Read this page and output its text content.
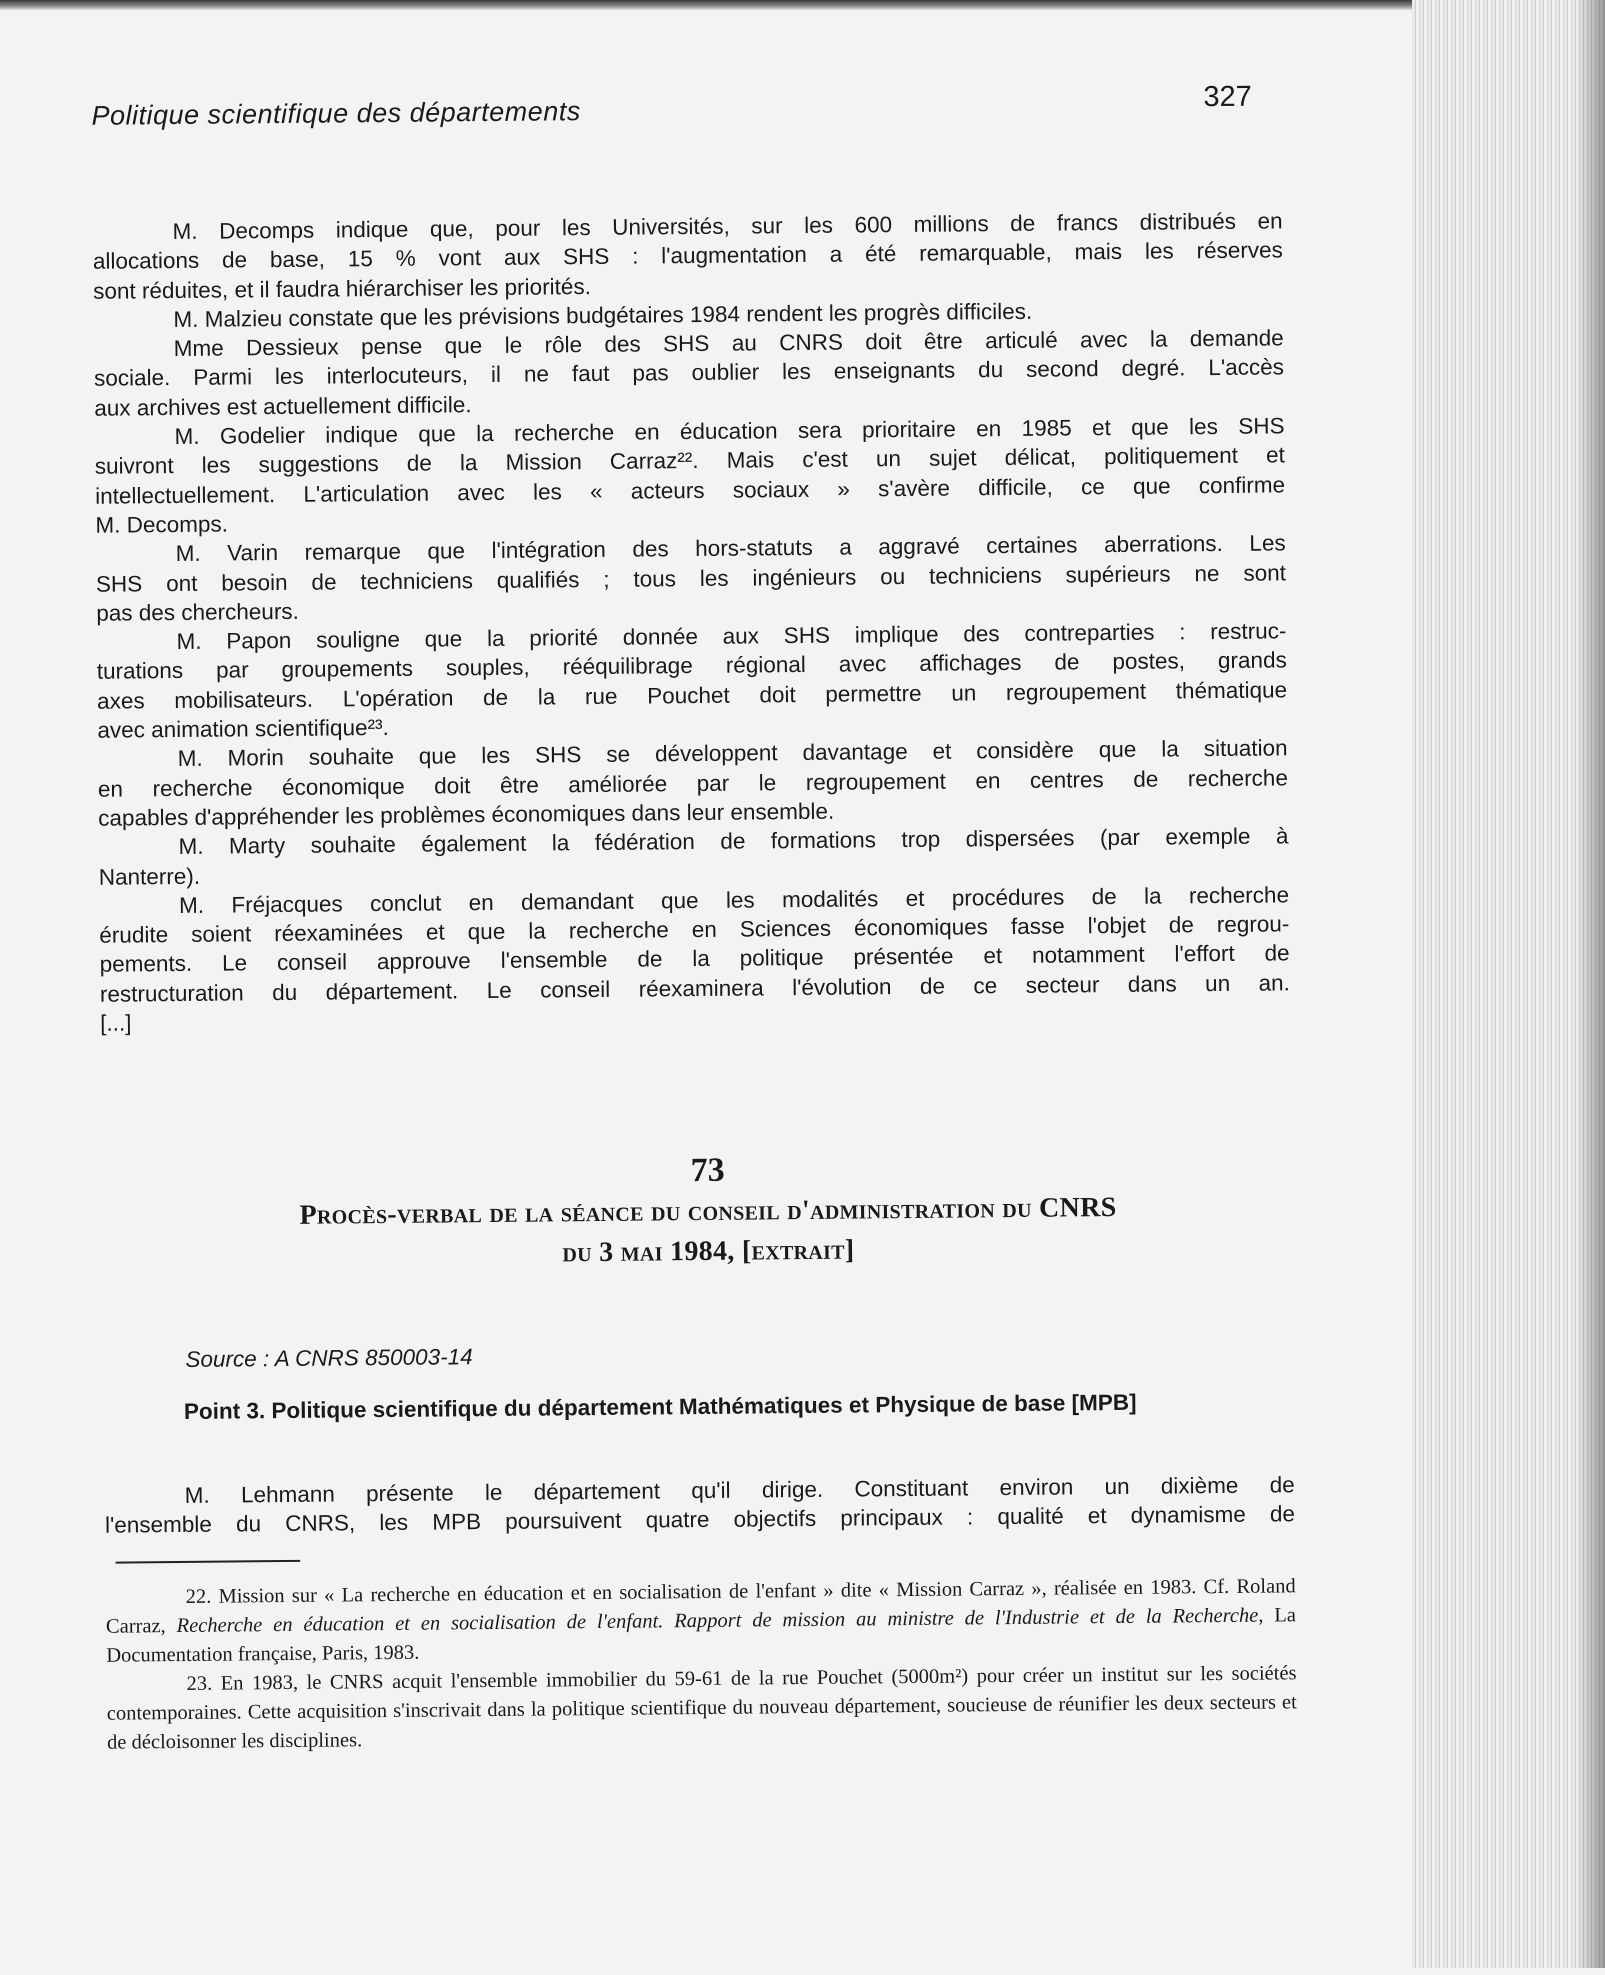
Politique scientifique des départements	327
M. Decomps indique que, pour les Universités, sur les 600 millions de francs distribués en
allocations de base, 15 % vont aux SHS : l'augmentation a été remarquable, mais les réserves
sont réduites, et il faudra hiérarchiser les priorités.
M. Malzieu constate que les prévisions budgétaires 1984 rendent les progrès difficiles.
Mme Dessieux pense que le rôle des SHS au CNRS doit être articulé avec la demande
sociale. Parmi les interlocuteurs, il ne faut pas oublier les enseignants du second degré. L'accès
aux archives est actuellement difficile.
M. Godelier indique que la recherche en éducation sera prioritaire en 1985 et que les SHS
suivront les suggestions de la Mission Carraz²². Mais c'est un sujet délicat, politiquement et
intellectuellement. L'articulation avec les « acteurs sociaux » s'avère difficile, ce que confirme
M. Decomps.
M. Varin remarque que l'intégration des hors-statuts a aggravé certaines aberrations. Les
SHS ont besoin de techniciens qualifiés ; tous les ingénieurs ou techniciens supérieurs ne sont
pas des chercheurs.
M. Papon souligne que la priorité donnée aux SHS implique des contreparties : restruc-
turations par groupements souples, rééquilibrage régional avec affichages de postes, grands
axes mobilisateurs. L'opération de la rue Pouchet doit permettre un regroupement thématique
avec animation scientifique²³.
M. Morin souhaite que les SHS se développent davantage et considère que la situation
en recherche économique doit être améliorée par le regroupement en centres de recherche
capables d'appréhender les problèmes économiques dans leur ensemble.
M. Marty souhaite également la fédération de formations trop dispersées (par exemple à
Nanterre).
M. Fréjacques conclut en demandant que les modalités et procédures de la recherche
érudite soient réexaminées et que la recherche en Sciences économiques fasse l'objet de regrou-
pements. Le conseil approuve l'ensemble de la politique présentée et notamment l'effort de
restructuration du département. Le conseil réexaminera l'évolution de ce secteur dans un an.
[...]
73
Procès-verbal de la séance du conseil d'administration du CNRS
du 3 mai 1984, [extrait]
Source : A CNRS 850003-14
Point 3. Politique scientifique du département Mathématiques et Physique de base [MPB]
M. Lehmann présente le département qu'il dirige. Constituant environ un dixième de
l'ensemble du CNRS, les MPB poursuivent quatre objectifs principaux : qualité et dynamisme de
22. Mission sur « La recherche en éducation et en socialisation de l'enfant » dite « Mission Carraz », réalisée en 1983. Cf. Roland Carraz, Recherche en éducation et en socialisation de l'enfant. Rapport de mission au ministre de l'Industrie et de la Recherche, La Documentation française, Paris, 1983.
23. En 1983, le CNRS acquit l'ensemble immobilier du 59-61 de la rue Pouchet (5000m²) pour créer un institut sur les sociétés contemporaines. Cette acquisition s'inscrivait dans la politique scientifique du nouveau département, soucieuse de réunifier les deux secteurs et de décloisonner les disciplines.
